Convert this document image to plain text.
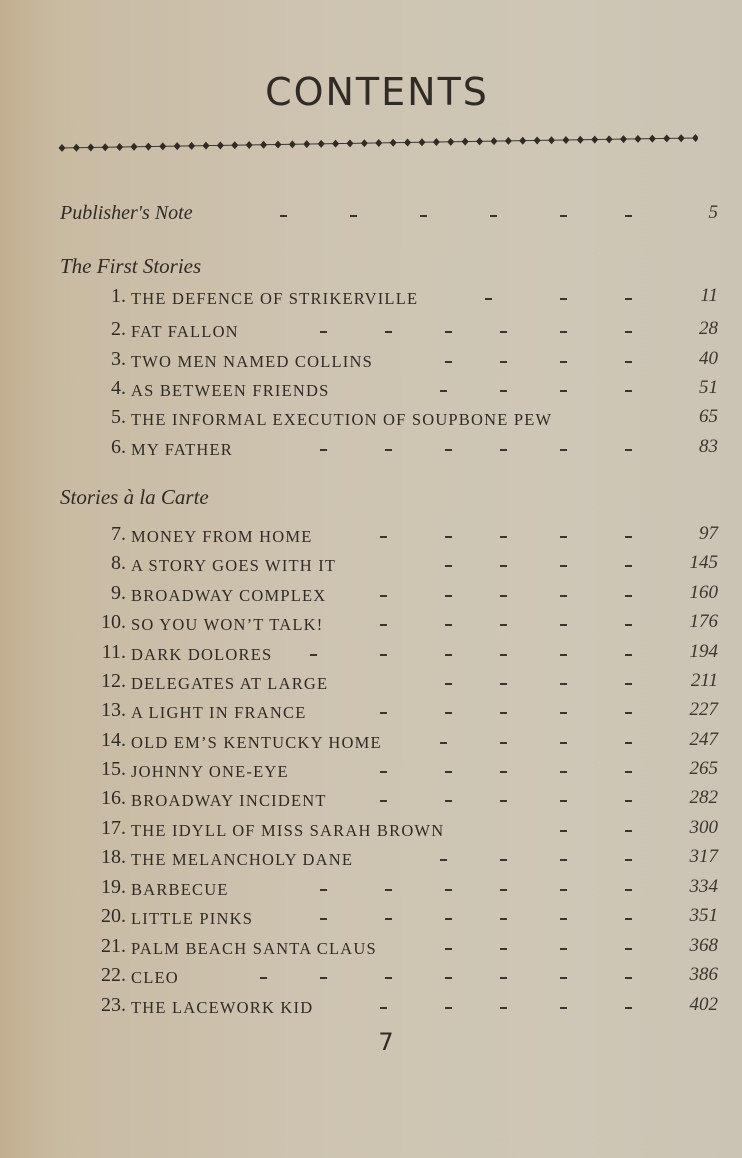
CONTENTS
Publisher's Note	5
The First Stories
1. THE DEFENCE OF STRIKERVILLE	11
2. FAT FALLON	28
3. TWO MEN NAMED COLLINS	40
4. AS BETWEEN FRIENDS	51
5. THE INFORMAL EXECUTION OF SOUPBONE PEW	65
6. MY FATHER	83
Stories à la Carte
7. MONEY FROM HOME	97
8. A STORY GOES WITH IT	145
9. BROADWAY COMPLEX	160
10. SO YOU WON’T TALK!	176
11. DARK DOLORES	194
12. DELEGATES AT LARGE	211
13. A LIGHT IN FRANCE	227
14. OLD EM’S KENTUCKY HOME	247
15. JOHNNY ONE-EYE	265
16. BROADWAY INCIDENT	282
17. THE IDYLL OF MISS SARAH BROWN	300
18. THE MELANCHOLY DANE	317
19. BARBECUE	334
20. LITTLE PINKS	351
21. PALM BEACH SANTA CLAUS	368
22. CLEO	386
23. THE LACEWORK KID	402
7
